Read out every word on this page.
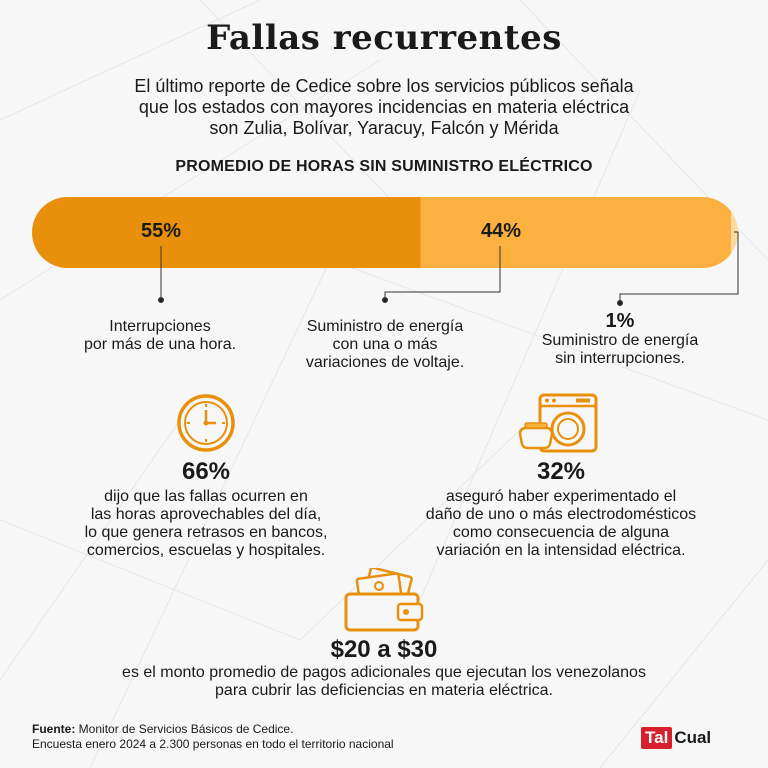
Fallas recurrentes
El último reporte de Cedice sobre los servicios públicos señala
que los estados con mayores incidencias en materia eléctrica
son Zulia, Bolívar, Yaracuy, Falcón y Mérida
PROMEDIO DE HORAS SIN SUMINISTRO ELÉCTRICO
55%	44%
Interrupciones
por más de una hora.
Suministro de energía
con una o más
variaciones de voltaje.
1%
Suministro de energía
sin interrupciones.
66%
dijo que las fallas ocurren en
las horas aprovechables del día,
lo que genera retrasos en bancos,
comercios, escuelas y hospitales.
32%
aseguró haber experimentado el
daño de uno o más electrodomésticos
como consecuencia de alguna
variación en la intensidad eléctrica.
$20 a $30
es el monto promedio de pagos adicionales que ejecutan los venezolanos
para cubrir las deficiencias en materia eléctrica.
Fuente: Monitor de Servicios Básicos de Cedice.
Encuesta enero 2024 a 2.300 personas en todo el territorio nacional	Tal Cual
